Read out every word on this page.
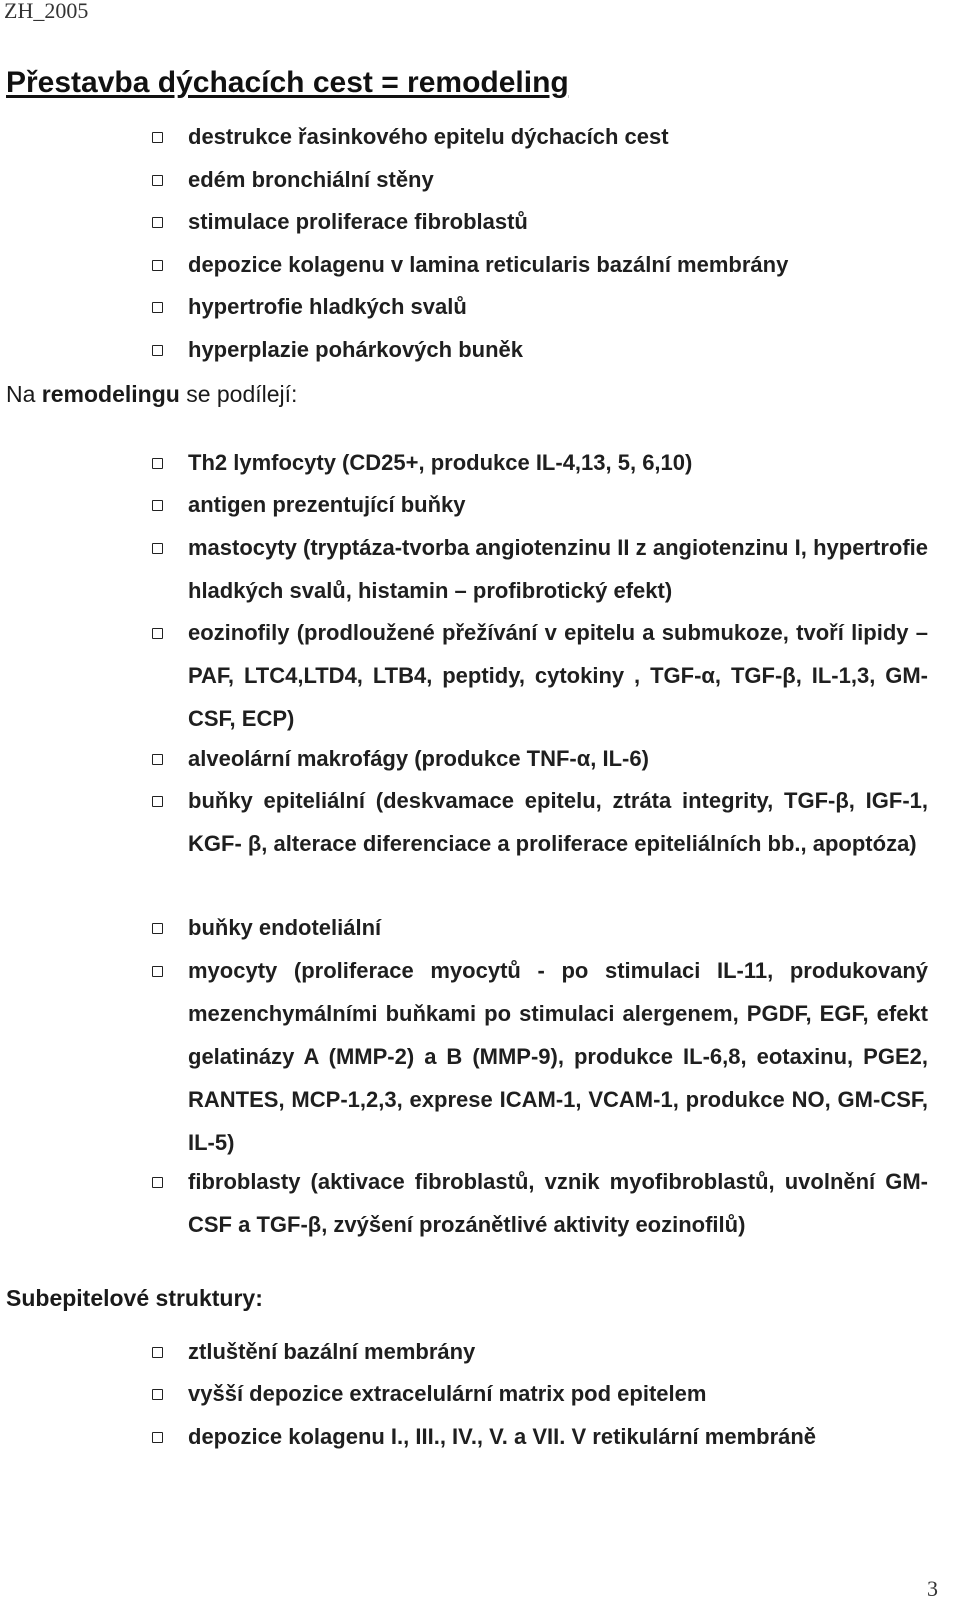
ZH_2005
Přestavba dýchacích cest = remodeling
destrukce řasinkového epitelu dýchacích cest
edém bronchiální stěny
stimulace proliferace fibroblastů
depozice kolagenu v lamina reticularis bazální membrány
hypertrofie hladkých svalů
hyperplazie pohárkových buněk

Na remodelingu se podílejí:

Th2 lymfocyty (CD25+, produkce IL-4,13, 5, 6,10)
antigen prezentující buňky
mastocyty (tryptáza-tvorba angiotenzinu II z angiotenzinu I, hypertrofie hladkých svalů, histamin – profibrotický efekt)
eozinofily (prodloužené přežívání v epitelu a submukoze, tvoří lipidy –PAF, LTC4,LTD4, LTB4, peptidy, cytokiny , TGF-α, TGF-β, IL-1,3, GM-CSF, ECP)
alveolární makrofágy (produkce TNF-α, IL-6)
buňky epiteliální (deskvamace epitelu, ztráta integrity, TGF-β, IGF-1, KGF- β, alterace diferenciace a proliferace epiteliálních bb., apoptóza)
buňky endoteliální
myocyty (proliferace myocytů - po stimulaci IL-11, produkovaný mezenchymálními buňkami po stimulaci alergenem, PGDF, EGF, efekt gelatinázy A (MMP-2) a B (MMP-9), produkce IL-6,8, eotaxinu, PGE2, RANTES, MCP-1,2,3, exprese ICAM-1, VCAM-1, produkce NO, GM-CSF, IL-5)
fibroblasty (aktivace fibroblastů, vznik myofibroblastů, uvolnění GM-CSF a TGF-β, zvýšení prozánětlivé aktivity eozinofilů)

Subepitelové struktury:

ztluštění bazální membrány
vyšší depozice extracelulární matrix pod epitelem
depozice kolagenu I., III., IV., V. a VII. V retikulární membráně
3
